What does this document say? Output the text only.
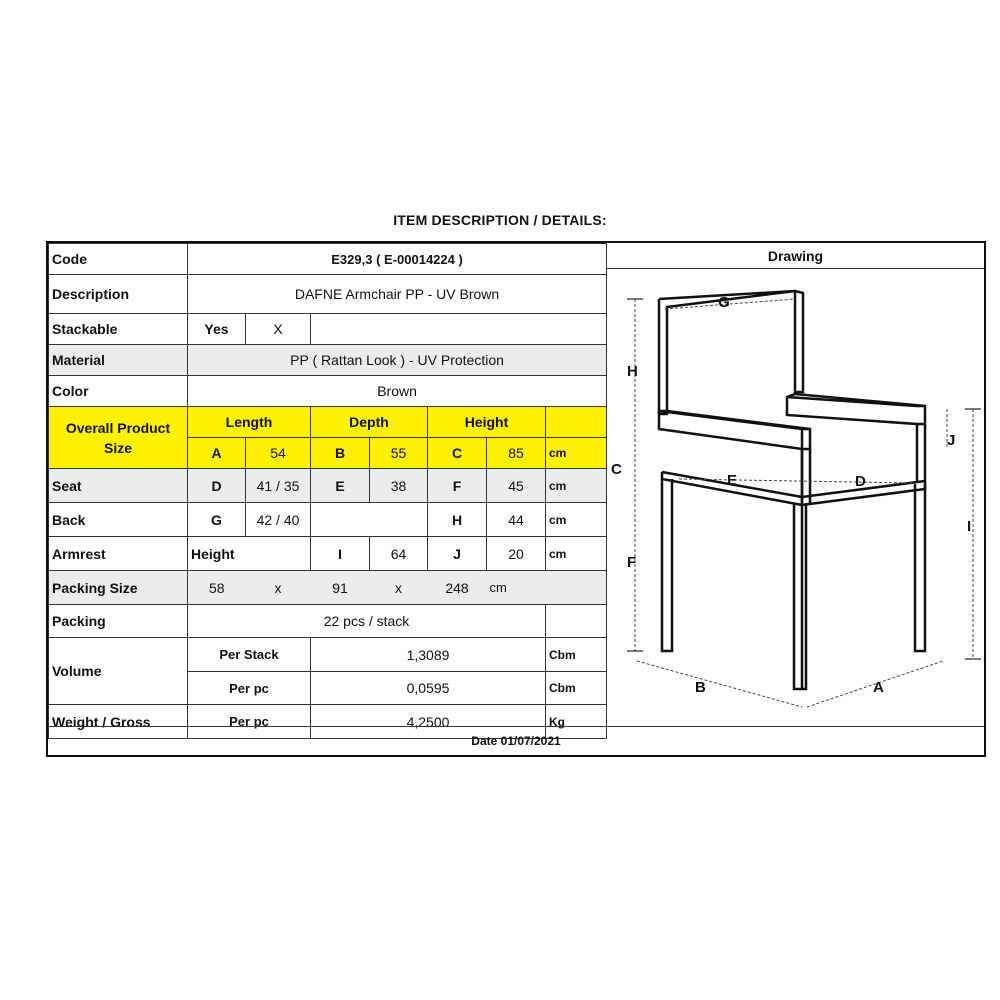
ITEM DESCRIPTION / DETAILS:
Code	E329,3 ( E-00014224 )						
Description	DAFNE Armchair PP - UV Brown						
Stackable	Yes	X					
Material	PP ( Rattan Look ) - UV Protection						
Color	Brown						
Overall Product Size	Length		Depth		Height		
	A	54	B	55	C	85	cm
Seat	D	41 / 35	E	38	F	45	cm
Back	G	42 / 40			H	44	cm
Armrest	Height		I	64	J	20	cm
Packing Size	58	x	91	x	248	cm	
Packing	22 pcs / stack						
Volume	Per Stack		1,3089				Cbm
	Per pc		0,0595				Cbm
Weight / Gross	Per pc		4,2500				Kg
Drawing
G
H
C
E	D
J
I
F
B	A
Date 01/07/2021
